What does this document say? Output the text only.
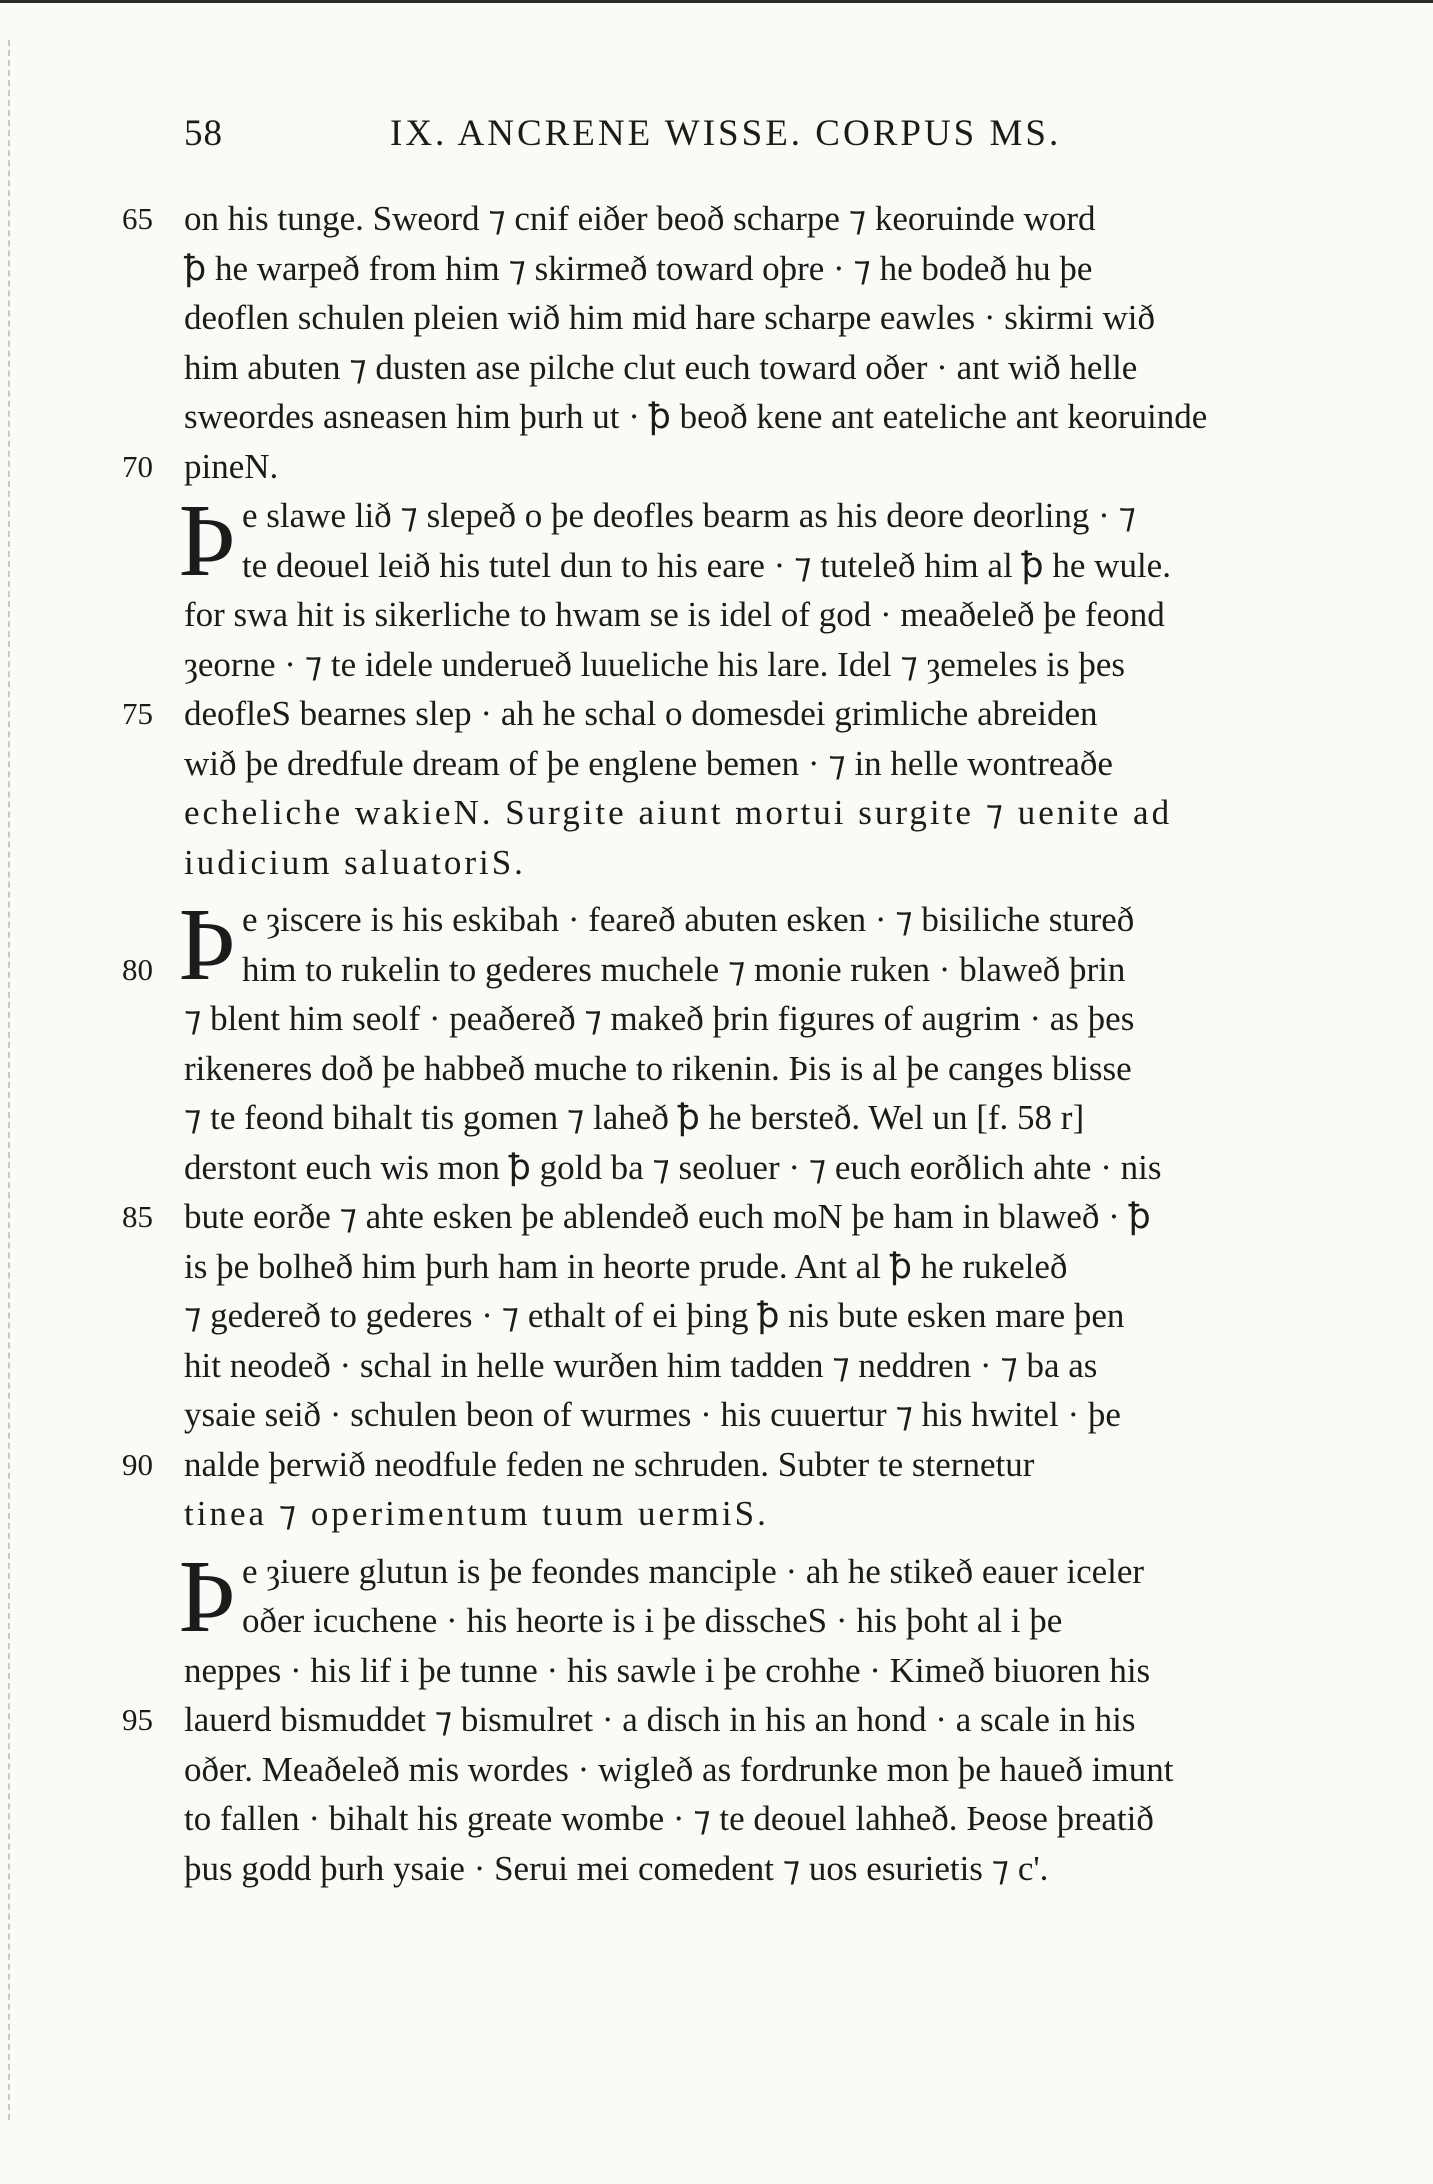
58	IX. ANCRENE WISSE. CORPUS MS.
65 on his tunge. Sweord ⁊ cnif eiðer beoð scharpe ⁊ keoruinde word
ꝥ he warpeð from him ⁊ skirmeð toward oþre · ⁊ he bodeð hu þe
deoflen schulen pleien wið him mid hare scharpe eawles · skirmi wið
him abuten ⁊ dusten ase pilche clut euch toward oðer · ant wið helle
sweordes asneasen him þurh ut · ꝥ beoð kene ant eateliche ant keoruinde
70 pineN.
Þ e slawe lið ⁊ slepeð o þe deofles bearm as his deore deorling · ⁊
te deouel leið his tutel dun to his eare · ⁊ tuteleð him al ꝥ he wule.
for swa hit is sikerliche to hwam se is idel of god · meaðeleð þe feond
ȝeorne · ⁊ te idele underueð luueliche his lare. Idel ⁊ ȝemeles is þes
75 deofleS bearnes slep · ah he schal o domesdei grimliche abreiden
wið þe dredfule dream of þe englene bemen · ⁊ in helle wontreaðe
echeliche wakieN. Surgite aiunt mortui surgite ⁊ uenite ad
iudicium saluatoriS.
Þ e ȝiscere is his eskibah · feareð abuten esken · ⁊ bisiliche stureð
80	him to rukelin to gederes muchele ⁊ monie ruken · blaweð þrin
⁊ blent him seolf · peaðereð ⁊ makeð þrin figures of augrim · as þes
rikeneres doð þe habbeð muche to rikenin. Þis is al þe canges blisse
⁊ te feond bihalt tis gomen ⁊ laheð ꝥ he bersteð. Wel un [f. 58 r]
derstont euch wis mon ꝥ gold ba ⁊ seoluer · ⁊ euch eorðlich ahte · nis
85 bute eorðe ⁊ ahte esken þe ablendeð euch moN þe ham in blaweð · ꝥ
is þe bolheð him þurh ham in heorte prude. Ant al ꝥ he rukeleð
⁊ gedereð to gederes · ⁊ ethalt of ei þing ꝥ nis bute esken mare þen
hit neodeð · schal in helle wurðen him tadden ⁊ neddren · ⁊ ba as
ysaie seið · schulen beon of wurmes · his cuuertur ⁊ his hwitel · þe
90 nalde þerwið neodfule feden ne schruden. Subter te sternetur
tinea ⁊ operimentum tuum uermiS.
Þ e ȝiuere glutun is þe feondes manciple · ah he stikeð eauer iceler
oðer icuchene · his heorte is i þe disscheS · his þoht al i þe
neppes · his lif i þe tunne · his sawle i þe crohhe · Kimeð biuoren his
95 lauerd bismuddet ⁊ bismulret · a disch in his an hond · a scale in his
oðer. Meaðeleð mis wordes · wigleð as fordrunke mon þe haueð imunt
to fallen · bihalt his greate wombe · ⁊ te deouel lahheð. Þeose þreatið
þus godd þurh ysaie · Serui mei comedent ⁊ uos esurietis ⁊ c'.
